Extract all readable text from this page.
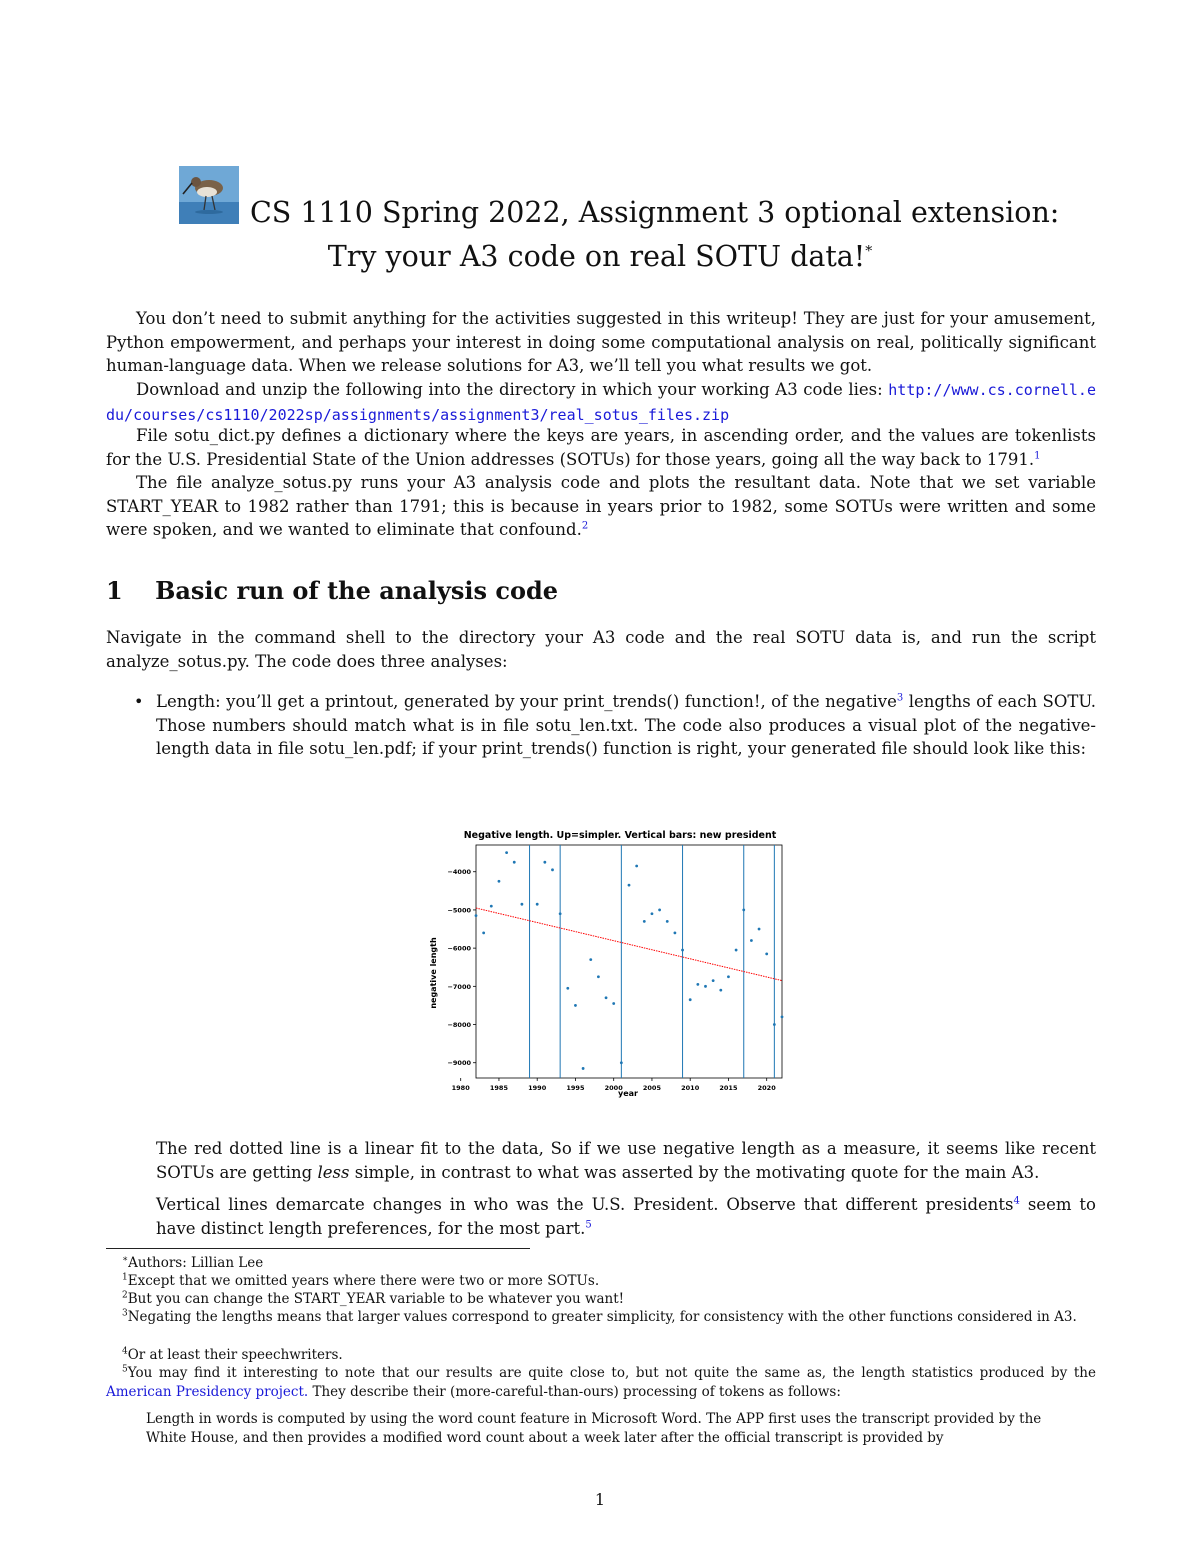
CS 1110 Spring 2022, Assignment 3 optional extension:
Try your A3 code on real SOTU data!*
You don’t need to submit anything for the activities suggested in this writeup! They are just for your amusement, Python empowerment, and perhaps your interest in doing some computational analysis on real, politically significant human-language data. When we release solutions for A3, we’ll tell you what results we got.
Download and unzip the following into the directory in which your working A3 code lies: http://www.cs.cornell.edu/courses/cs1110/2022sp/assignments/assignment3/real_sotus_files.zip
File sotu_dict.py defines a dictionary where the keys are years, in ascending order, and the values are tokenlists for the U.S. Presidential State of the Union addresses (SOTUs) for those years, going all the way back to 1791.$^1$
The file analyze_sotus.py runs your A3 analysis code and plots the resultant data. Note that we set variable START_YEAR to 1982 rather than 1791; this is because in years prior to 1982, some SOTUs were written and some were spoken, and we wanted to eliminate that confound.$^2$
1 Basic run of the analysis code
Navigate in the command shell to the directory your A3 code and the real SOTU data is, and run the script analyze_sotus.py. The code does three analyses:
• Length: you’ll get a printout, generated by your print_trends() function!, of the negative$^3$ lengths of each SOTU. Those numbers should match what is in file sotu_len.txt. The code also produces a visual plot of the negative-length data in file sotu_len.pdf; if your print_trends() function is right, your generated file should look like this:
1980	1985	1990	1995	2000	2005	2010	2015	2020
−4000
−5000
−6000
−7000
−8000
−9000
Negative length. Up=simpler. Vertical bars: new president
year
negative length
The red dotted line is a linear fit to the data, So if we use negative length as a measure, it seems like recent SOTUs are getting less simple, in contrast to what was asserted by the motivating quote for the main A3.
Vertical lines demarcate changes in who was the U.S. President. Observe that different presidents$^4$ seem to have distinct length preferences, for the most part.$^5$
∗Authors: Lillian Lee
$^1$Except that we omitted years where there were two or more SOTUs.
$^2$But you can change the START_YEAR variable to be whatever you want!
$^3$Negating the lengths means that larger values correspond to greater simplicity, for consistency with the other functions considered in A3.
$^4$Or at least their speechwriters.
$^5$You may find it interesting to note that our results are quite close to, but not quite the same as, the length statistics produced by the American Presidency project. They describe their (more-careful-than-ours) processing of tokens as follows:
Length in words is computed by using the word count feature in Microsoft Word. The APP first uses the transcript provided by the White House, and then provides a modified word count about a week later after the official transcript is provided by
1
